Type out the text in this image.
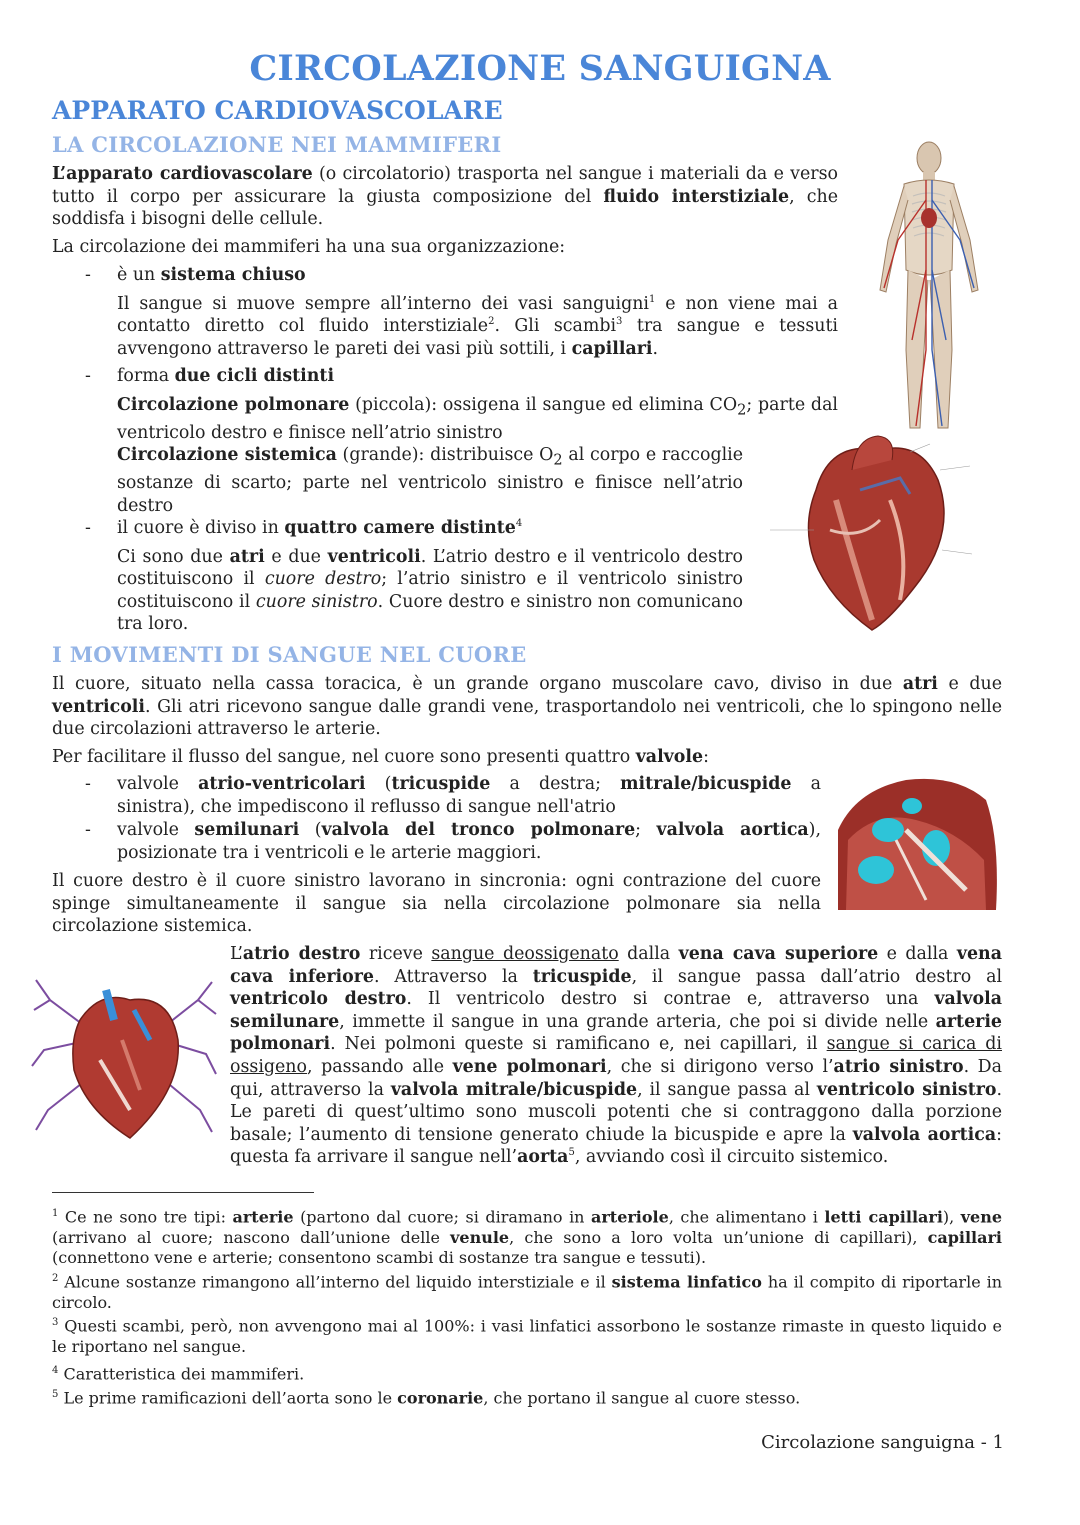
CIRCOLAZIONE SANGUIGNA
APPARATO CARDIOVASCOLARE
LA CIRCOLAZIONE NEI MAMMIFERI

L’apparato cardiovascolare (o circolatorio) trasporta nel sangue i materiali da e verso tutto il corpo per assicurare la giusta composizione del fluido interstiziale, che soddisfa i bisogni delle cellule.

La circolazione dei mammiferi ha una sua organizzazione:

- è un sistema chiuso

Il sangue si muove sempre all’interno dei vasi sanguigni$^1$ e non viene mai a contatto diretto col fluido interstiziale$^2$. Gli scambi$^3$ tra sangue e tessuti avvengono attraverso le pareti dei vasi più sottili, i capillari.

- forma due cicli distinti

Circolazione polmonare (piccola): ossigena il sangue ed elimina $CO_2$; parte dal ventricolo destro e finisce nell’atrio sinistro

Circolazione sistemica (grande): distribuisce $O_2$ al corpo e raccoglie sostanze di scarto; parte nel ventricolo sinistro e finisce nell’atrio destro

- il cuore è diviso in quattro camere distinte$^4$

Ci sono due atri e due ventricoli. L’atrio destro e il ventricolo destro costituiscono il cuore destro; l’atrio sinistro e il ventricolo sinistro costituiscono il cuore sinistro. Cuore destro e sinistro non comunicano tra loro.

I MOVIMENTI DI SANGUE NEL CUORE

Il cuore, situato nella cassa toracica, è un grande organo muscolare cavo, diviso in due atri e due ventricoli. Gli atri ricevono sangue dalle grandi vene, trasportandolo nei ventricoli, che lo spingono nelle due circolazioni attraverso le arterie.

Per facilitare il flusso del sangue, nel cuore sono presenti quattro valvole:

- valvole atrio-ventricolari (tricuspide a destra; mitrale/bicuspide a sinistra), che impediscono il reflusso di sangue nell'atrio
- valvole semilunari (valvola del tronco polmonare; valvola aortica), posizionate tra i ventricoli e le arterie maggiori.

Il cuore destro è il cuore sinistro lavorano in sincronia: ogni contrazione del cuore spinge simultaneamente il sangue sia nella circolazione polmonare sia nella circolazione sistemica.

L’atrio destro riceve sangue deossigenato dalla vena cava superiore e dalla vena cava inferiore. Attraverso la tricuspide, il sangue passa dall’atrio destro al ventricolo destro. Il ventricolo destro si contrae e, attraverso una valvola semilunare, immette il sangue in una grande arteria, che poi si divide nelle arterie polmonari. Nei polmoni queste si ramificano e, nei capillari, il sangue si carica di ossigeno, passando alle vene polmonari, che si dirigono verso l’atrio sinistro. Da qui, attraverso la valvola mitrale/bicuspide, il sangue passa al ventricolo sinistro. Le pareti di quest’ultimo sono muscoli potenti che si contraggono dalla porzione basale; l’aumento di tensione generato chiude la bicuspide e apre la valvola aortica: questa fa arrivare il sangue nell’aorta$^5$, avviando così il circuito sistemico.

$^1$ Ce ne sono tre tipi: arterie (partono dal cuore; si diramano in arteriole, che alimentano i letti capillari), vene (arrivano al cuore; nascono dall’unione delle venule, che sono a loro volta un’unione di capillari), capillari (connettono vene e arterie; consentono scambi di sostanze tra sangue e tessuti).

$^2$ Alcune sostanze rimangono all’interno del liquido interstiziale e il sistema linfatico ha il compito di riportarle in circolo.

$^3$ Questi scambi, però, non avvengono mai al 100%: i vasi linfatici assorbono le sostanze rimaste in questo liquido e le riportano nel sangue.

$^4$ Caratteristica dei mammiferi.

$^5$ Le prime ramificazioni dell’aorta sono le coronarie, che portano il sangue al cuore stesso.

Circolazione sanguigna - 1
